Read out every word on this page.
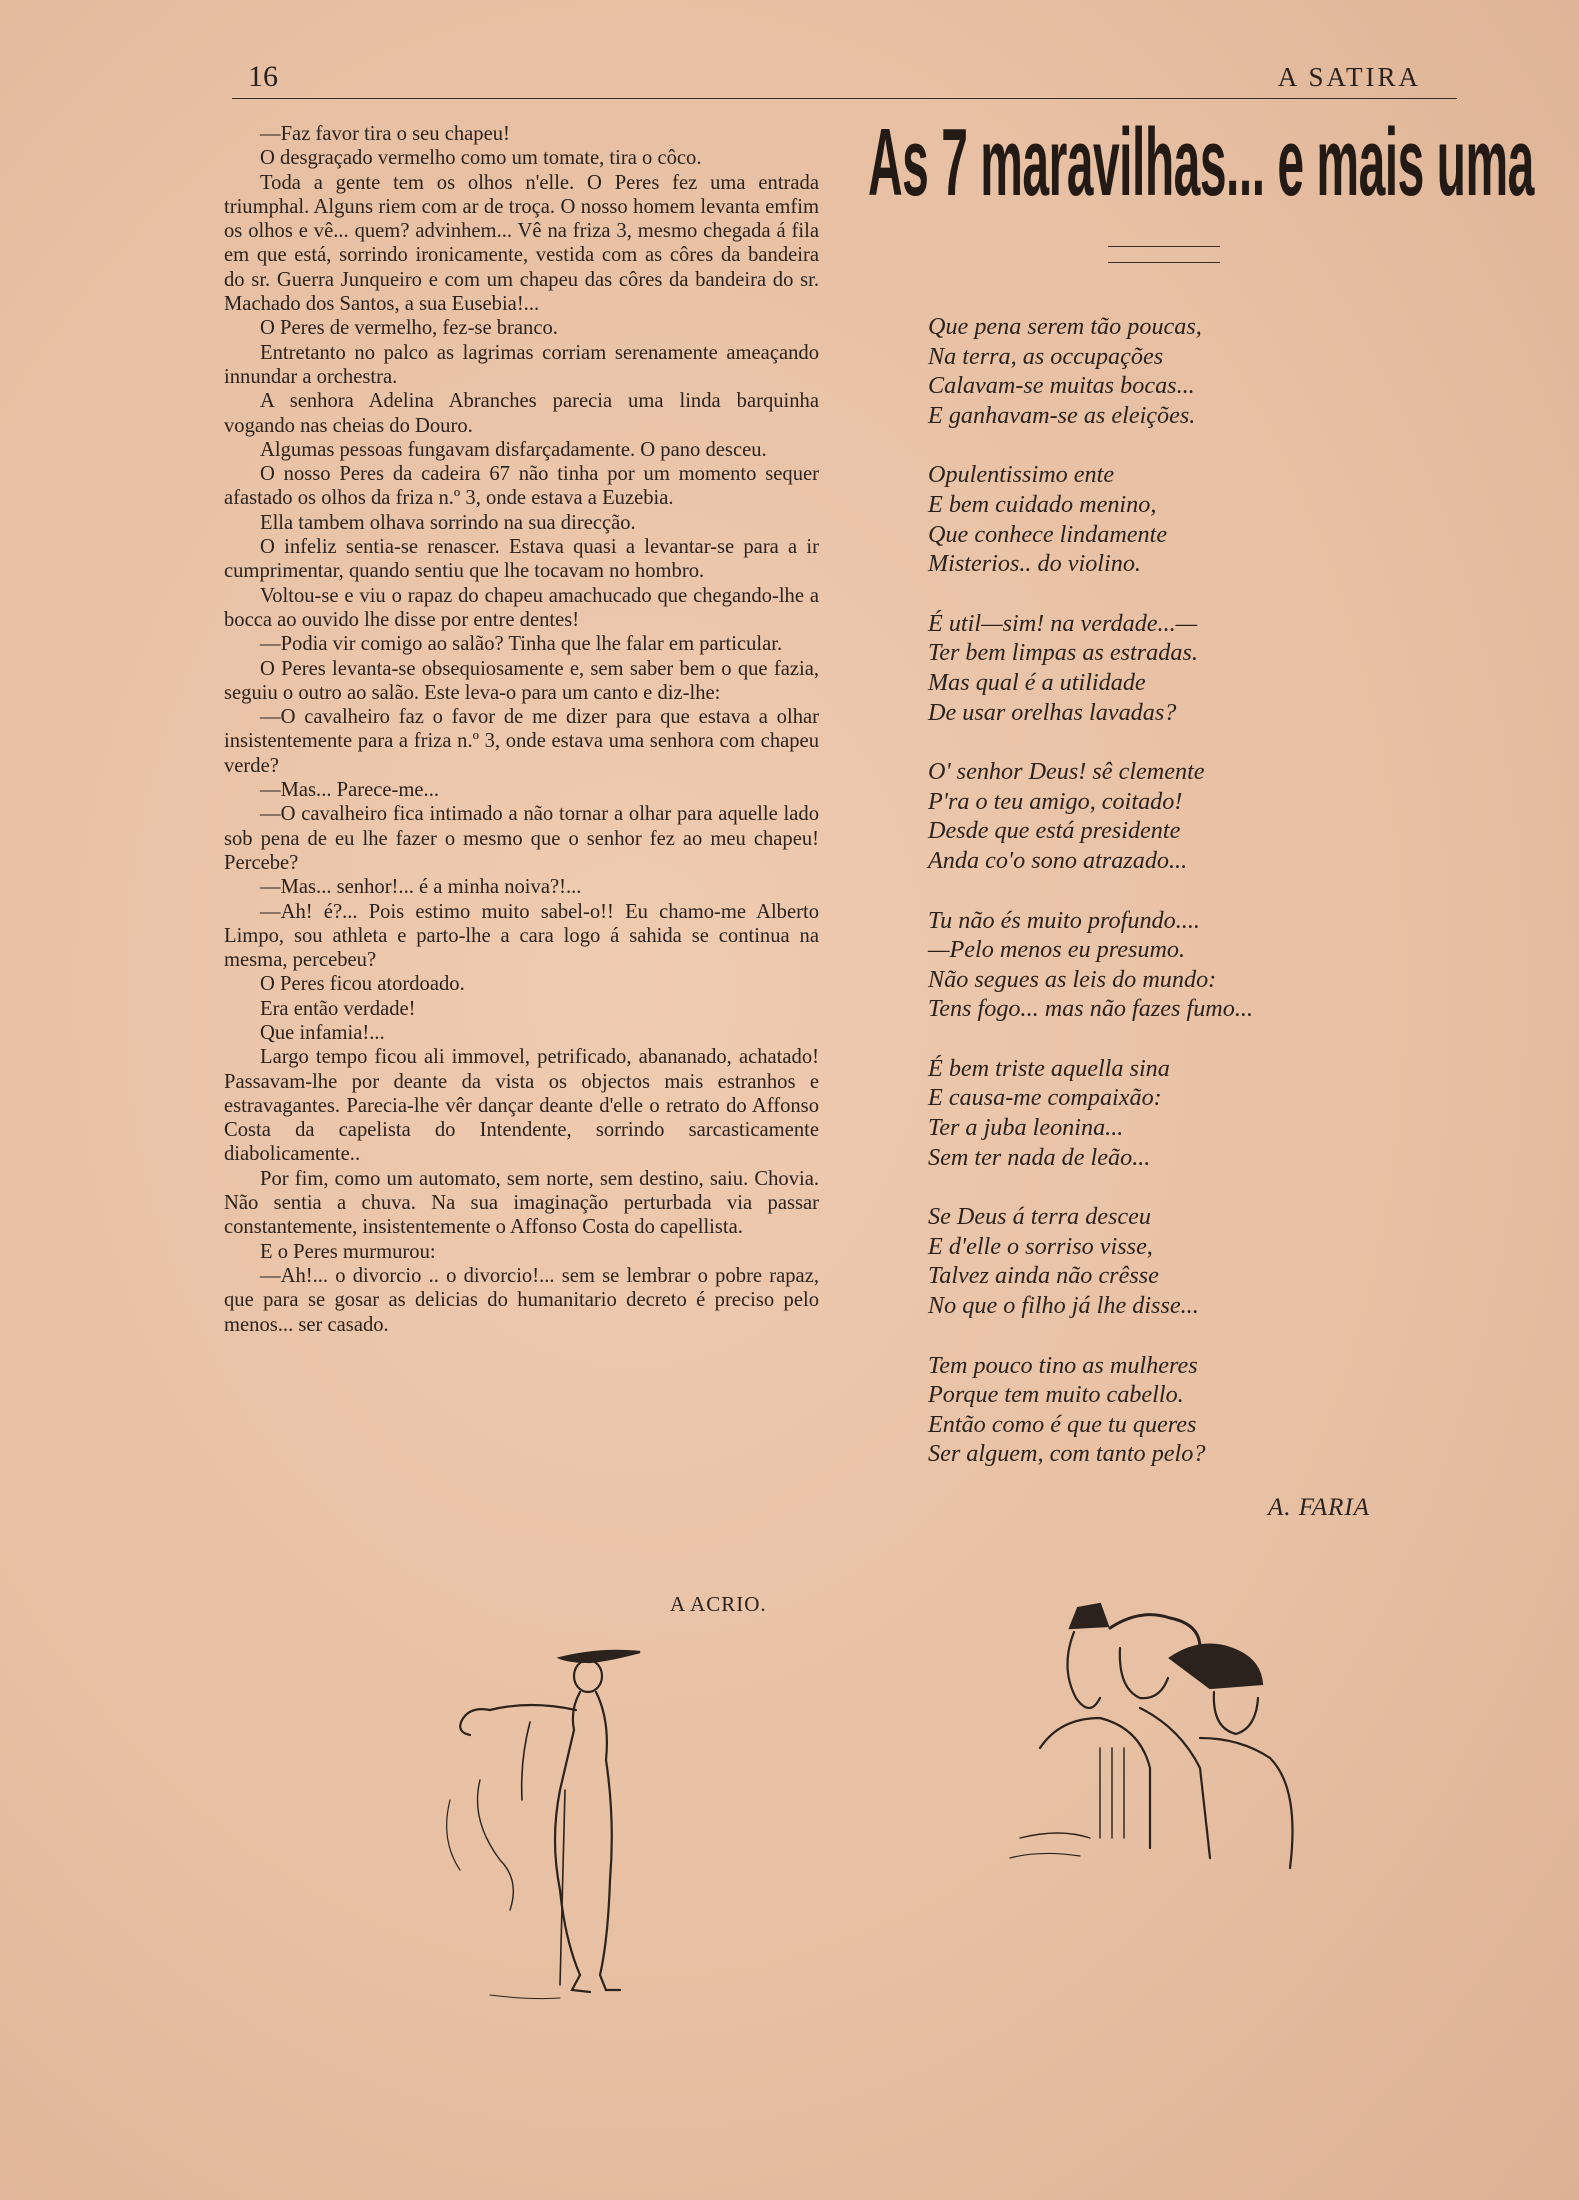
16	A SATIRA

—Faz favor tira o seu chapeu!

O desgraçado vermelho como um tomate, tira o côco.

Toda a gente tem os olhos n'elle. O Peres fez uma entrada triumphal. Alguns riem com ar de troça. O nosso homem levanta emfim os olhos e vê... quem? advinhem... Vê na friza 3, mesmo chegada á fila em que está, sorrindo ironicamente, vestida com as côres da bandeira do sr. Guerra Junqueiro e com um chapeu das côres da bandeira do sr. Machado dos Santos, a sua Eusebia!...

O Peres de vermelho, fez-se branco.

Entretanto no palco as lagrimas corriam serenamente ameaçando innundar a orchestra.

A senhora Adelina Abranches parecia uma linda barquinha vogando nas cheias do Douro.

Algumas pessoas fungavam disfarçadamente. O pano desceu.

O nosso Peres da cadeira 67 não tinha por um momento sequer afastado os olhos da friza n.º 3, onde estava a Euzebia.

Ella tambem olhava sorrindo na sua direcção.

O infeliz sentia-se renascer. Estava quasi a levantar-se para a ir cumprimentar, quando sentiu que lhe tocavam no hombro.

Voltou-se e viu o rapaz do chapeu amachucado que chegando-lhe a bocca ao ouvido lhe disse por entre dentes!

—Podia vir comigo ao salão? Tinha que lhe falar em particular.

O Peres levanta-se obsequiosamente e, sem saber bem o que fazia, seguiu o outro ao salão. Este leva-o para um canto e diz-lhe:

—O cavalheiro faz o favor de me dizer para que estava a olhar insistentemente para a friza n.º 3, onde estava uma senhora com chapeu verde?

—Mas... Parece-me...

—O cavalheiro fica intimado a não tornar a olhar para aquelle lado sob pena de eu lhe fazer o mesmo que o senhor fez ao meu chapeu! Percebe?

—Mas... senhor!... é a minha noiva?!...

—Ah! é?... Pois estimo muito sabel-o!! Eu chamo-me Alberto Limpo, sou athleta e parto-lhe a cara logo á sahida se continua na mesma, percebeu?

O Peres ficou atordoado.

Era então verdade!

Que infamia!...

Largo tempo ficou ali immovel, petrificado, abananado, achatado! Passavam-lhe por deante da vista os objectos mais estranhos e estravagantes. Parecia-lhe vêr dançar deante d'elle o retrato do Affonso Costa da capelista do Intendente, sorrindo sarcasticamente diabolicamente..

Por fim, como um automato, sem norte, sem destino, saiu. Chovia. Não sentia a chuva. Na sua imaginação perturbada via passar constantemente, insistentemente o Affonso Costa do capellista.

E o Peres murmurou:

—Ah!... o divorcio .. o divorcio!... sem se lembrar o pobre rapaz, que para se gosar as delicias do humanitario decreto é preciso pelo menos... ser casado.

A ACRIO.
As 7 maravilhas... e mais uma
Que pena serem tão poucas,
Na terra, as occupações
Calavam-se muitas bocas...
E ganhavam-se as eleições.
Opulentissimo ente
E bem cuidado menino,
Que conhece lindamente
Misterios.. do violino.
É util—sim! na verdade...—
Ter bem limpas as estradas.
Mas qual é a utilidade
De usar orelhas lavadas?
O' senhor Deus! sê clemente
P'ra o teu amigo, coitado!
Desde que está presidente
Anda co'o sono atrazado...
Tu não és muito profundo....
—Pelo menos eu presumo.
Não segues as leis do mundo:
Tens fogo... mas não fazes fumo...
É bem triste aquella sina
E causa-me compaixão:
Ter a juba leonina...
Sem ter nada de leão...
Se Deus á terra desceu
E d'elle o sorriso visse,
Talvez ainda não crêsse
No que o filho já lhe disse...
Tem pouco tino as mulheres
Porque tem muito cabello.
Então como é que tu queres
Ser alguem, com tanto pelo?
A. FARIA
